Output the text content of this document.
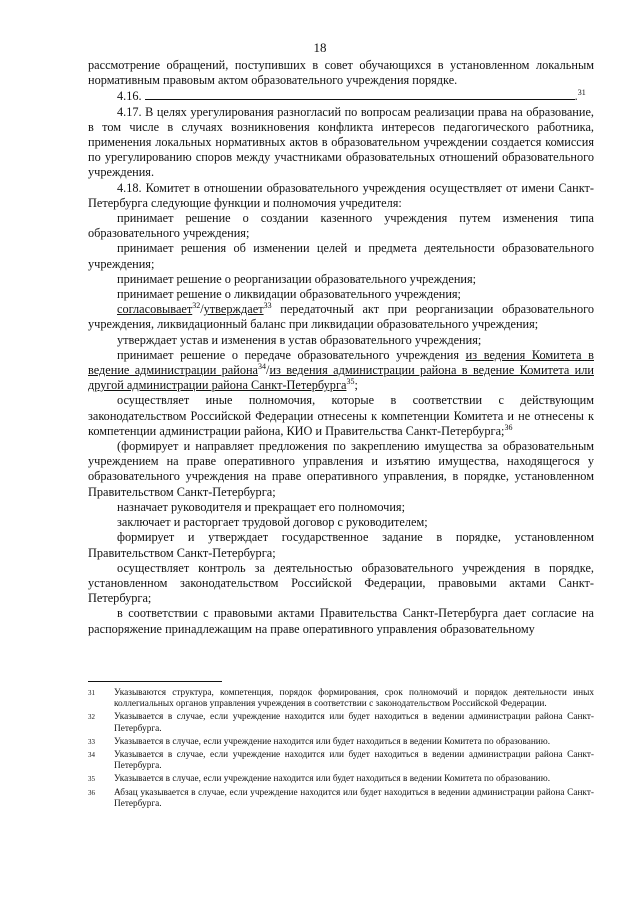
18

рассмотрение обращений, поступивших в совет обучающихся в установленном локальным нормативным правовым актом образовательного учреждения порядке.

4.16.	.$^{31}$

4.17. В целях урегулирования разногласий по вопросам реализации права на образование, в том числе в случаях возникновения конфликта интересов педагогического работника, применения локальных нормативных актов в образовательном учреждении создается комиссия по урегулированию споров между участниками образовательных отношений образовательного учреждения.

4.18. Комитет в отношении образовательного учреждения осуществляет от имени Санкт-Петербурга следующие функции и полномочия учредителя:

принимает решение о создании казенного учреждения путем изменения типа образовательного учреждения;

принимает решения об изменении целей и предмета деятельности образовательного учреждения;

принимает решение о реорганизации образовательного учреждения;

принимает решение о ликвидации образовательного учреждения;

согласовывает$^{32}$/утверждает$^{33}$ передаточный акт при реорганизации образовательного учреждения, ликвидационный баланс при ликвидации образовательного учреждения;

утверждает устав и изменения в устав образовательного учреждения;

принимает решение о передаче образовательного учреждения из ведения Комитета в ведение администрации района$^{34}$/из ведения администрации района в ведение Комитета или другой администрации района Санкт-Петербурга$^{35}$;

осуществляет иные полномочия, которые в соответствии с действующим законодательством Российской Федерации отнесены к компетенции Комитета и не отнесены к компетенции администрации района, КИО и Правительства Санкт-Петербурга;$^{36}$

(формирует и направляет предложения по закреплению имущества за образовательным учреждением на праве оперативного управления и изъятию имущества, находящегося у образовательного учреждения на праве оперативного управления, в порядке, установленном Правительством Санкт-Петербурга;

назначает руководителя и прекращает его полномочия;

заключает и расторгает трудовой договор с руководителем;

формирует и утверждает государственное задание в порядке, установленном Правительством Санкт-Петербурга;

осуществляет контроль за деятельностью образовательного учреждения в порядке, установленном законодательством Российской Федерации, правовыми актами Санкт-Петербурга;

в соответствии с правовыми актами Правительства Санкт-Петербурга дает согласие на распоряжение принадлежащим на праве оперативного управления образовательному

31	Указываются структура, компетенция, порядок формирования, срок полномочий и порядок деятельности иных коллегиальных органов управления учреждения в соответствии с законодательством Российской Федерации.
32	Указывается в случае, если учреждение находится или будет находиться в ведении администрации района Санкт-Петербурга.
33	Указывается в случае, если учреждение находится или будет находиться в ведении Комитета по образованию.
34	Указывается в случае, если учреждение находится или будет находиться в ведении администрации района Санкт-Петербурга.
35	Указывается в случае, если учреждение находится или будет находиться в ведении Комитета по образованию.
36	Абзац указывается в случае, если учреждение находится или будет находиться в ведении администрации района Санкт-Петербурга.
